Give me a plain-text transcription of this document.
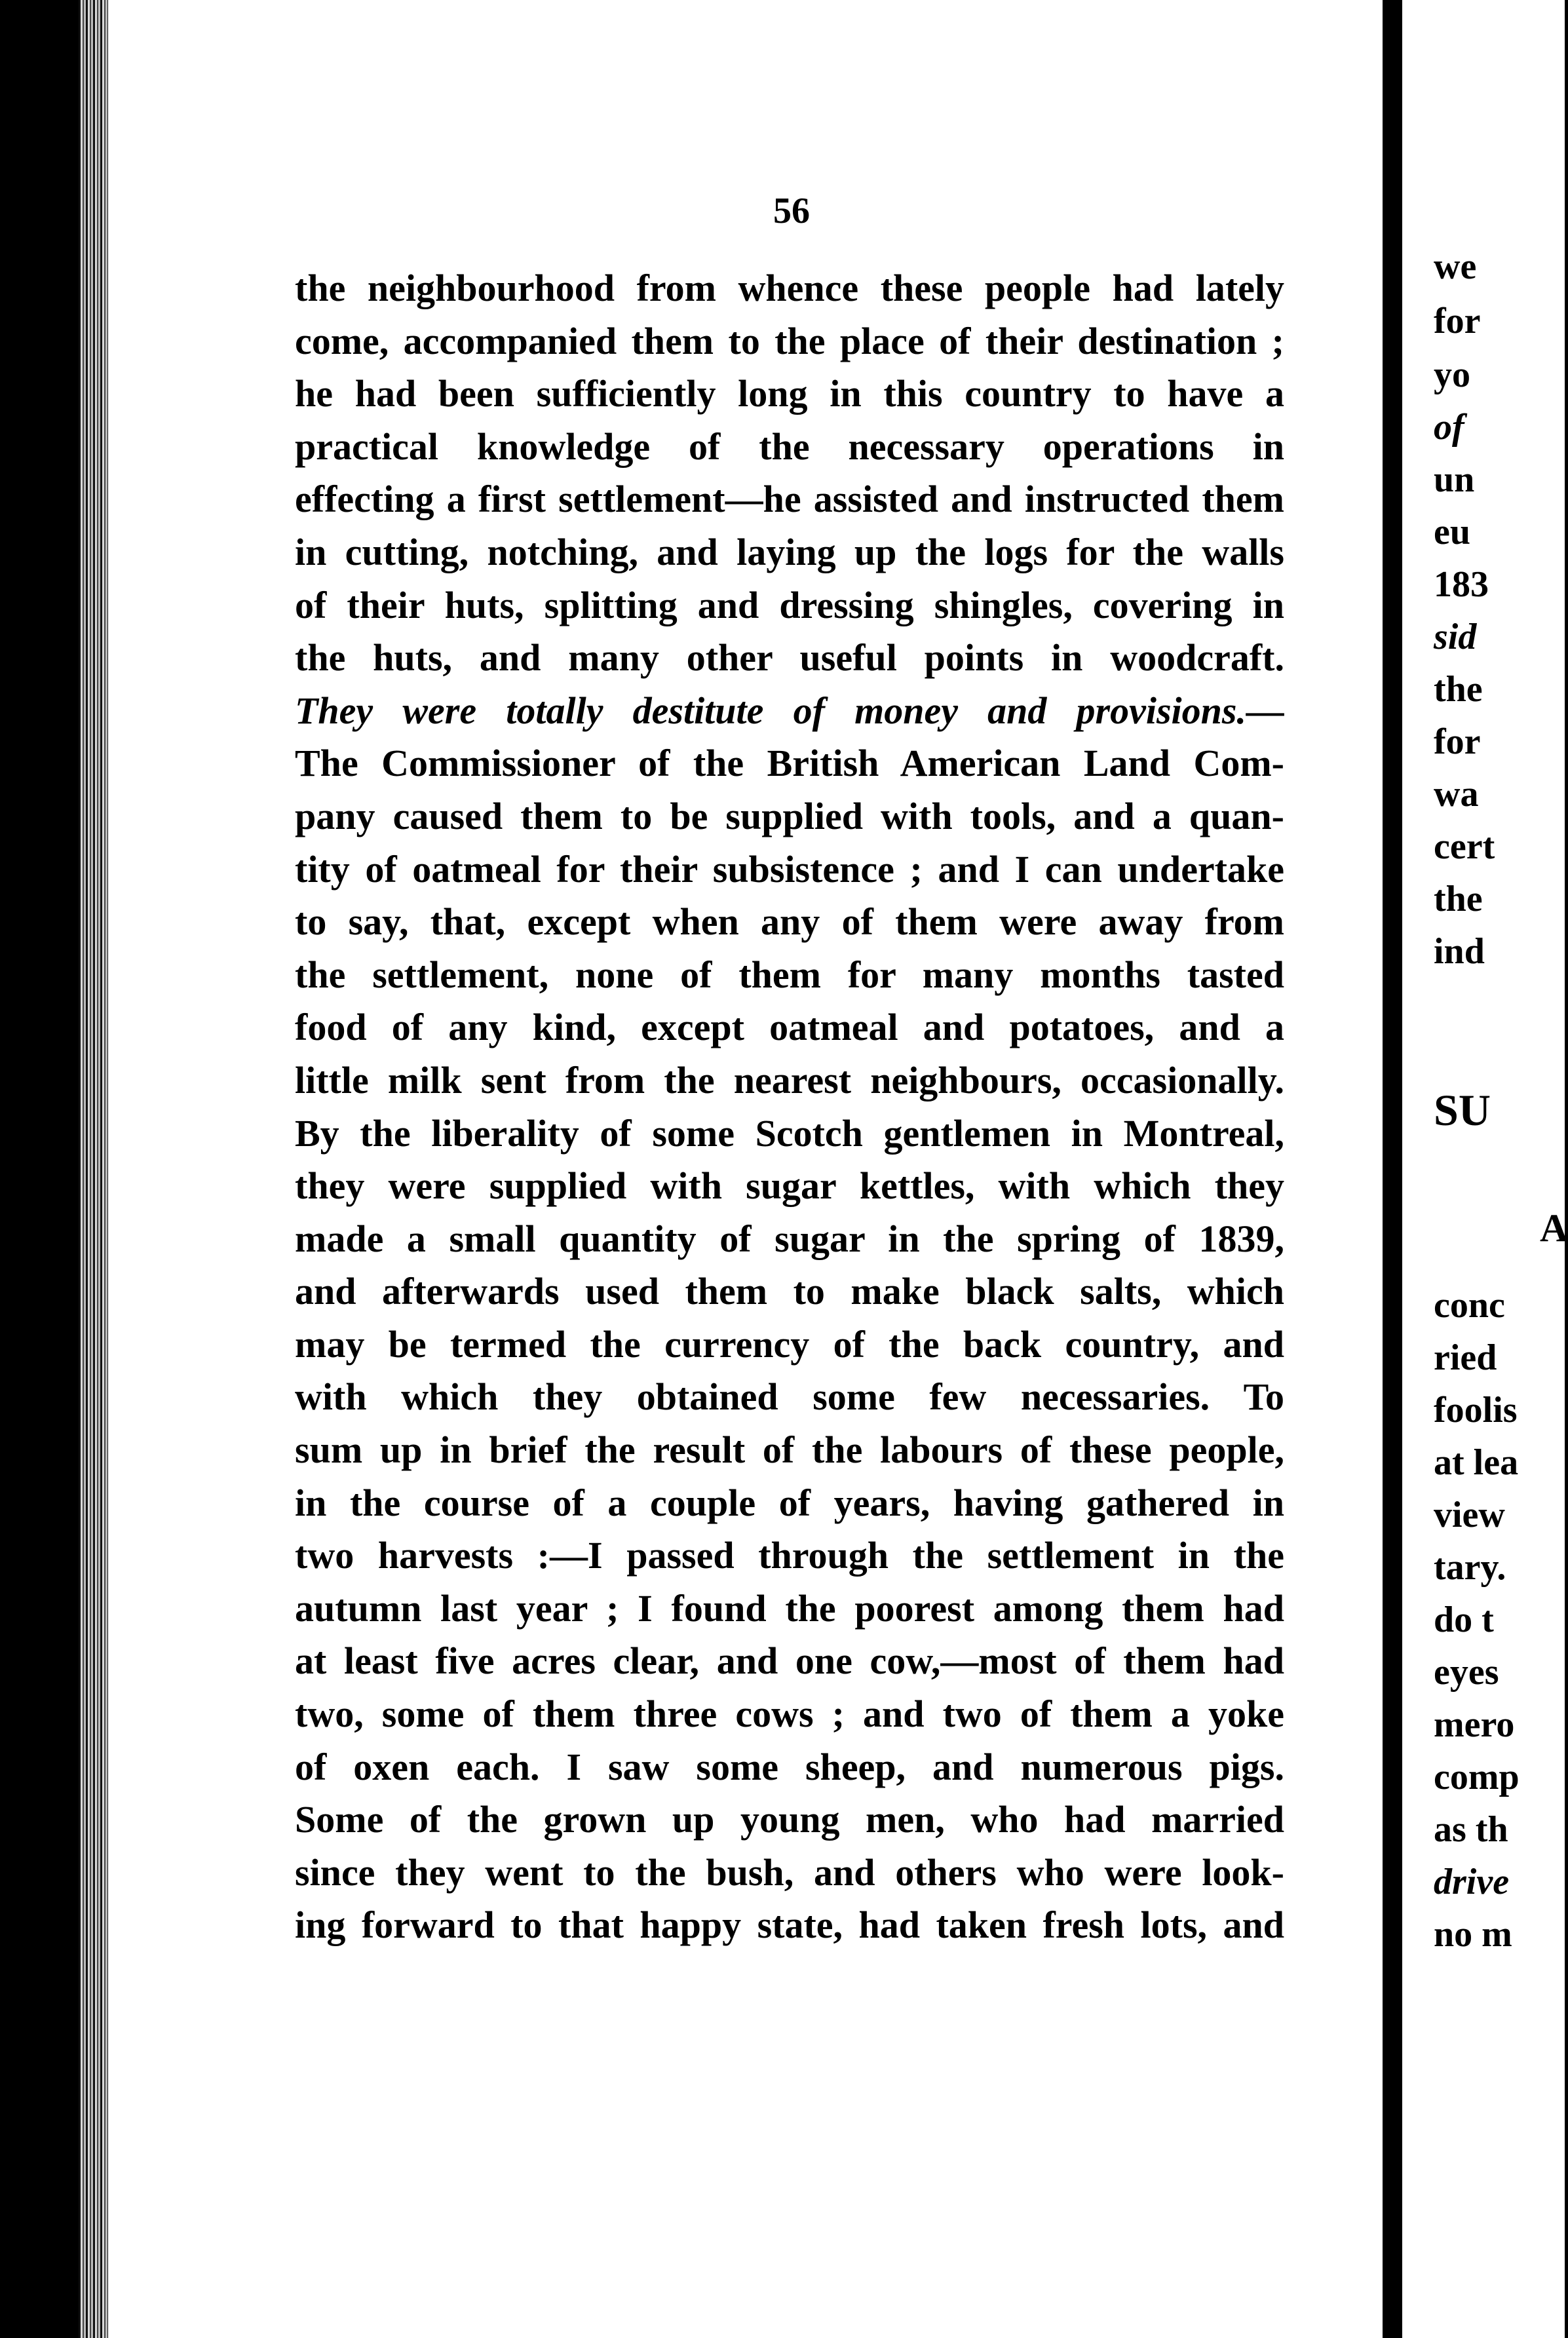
56
the neighbourhood from whence these people had lately
come, accompanied them to the place of their destination ;
he had been sufficiently long in this country to have a
practical knowledge of the necessary operations in
effecting a first settlement—he assisted and instructed them
in cutting, notching, and laying up the logs for the walls
of their huts, splitting and dressing shingles, covering in
the huts, and many other useful points in woodcraft.
They were totally destitute of money and provisions.—
The Commissioner of the British American Land Com-
pany caused them to be supplied with tools, and a quan-
tity of oatmeal for their subsistence ; and I can undertake
to say, that, except when any of them were away from
the settlement, none of them for many months tasted
food of any kind, except oatmeal and potatoes, and a
little milk sent from the nearest neighbours, occasionally.
By the liberality of some Scotch gentlemen in Montreal,
they were supplied with sugar kettles, with which they
made a small quantity of sugar in the spring of 1839,
and afterwards used them to make black salts, which
may be termed the currency of the back country, and
with which they obtained some few necessaries. To
sum up in brief the result of the labours of these people,
in the course of a couple of years, having gathered in
two harvests :—I passed through the settlement in the
autumn last year ; I found the poorest among them had
at least five acres clear, and one cow,—most of them had
two, some of them three cows ; and two of them a yoke
of oxen each. I saw some sheep, and numerous pigs.
Some of the grown up young men, who had married
since they went to the bush, and others who were look-
ing forward to that happy state, had taken fresh lots, and
we
for
yo
of
un
eu
183
sid
the
for
wa
cert
the
ind
SU
A
conc
ried
foolis
at lea
view
tary.
do t
eyes
mero
comp
as th
drive
no m
